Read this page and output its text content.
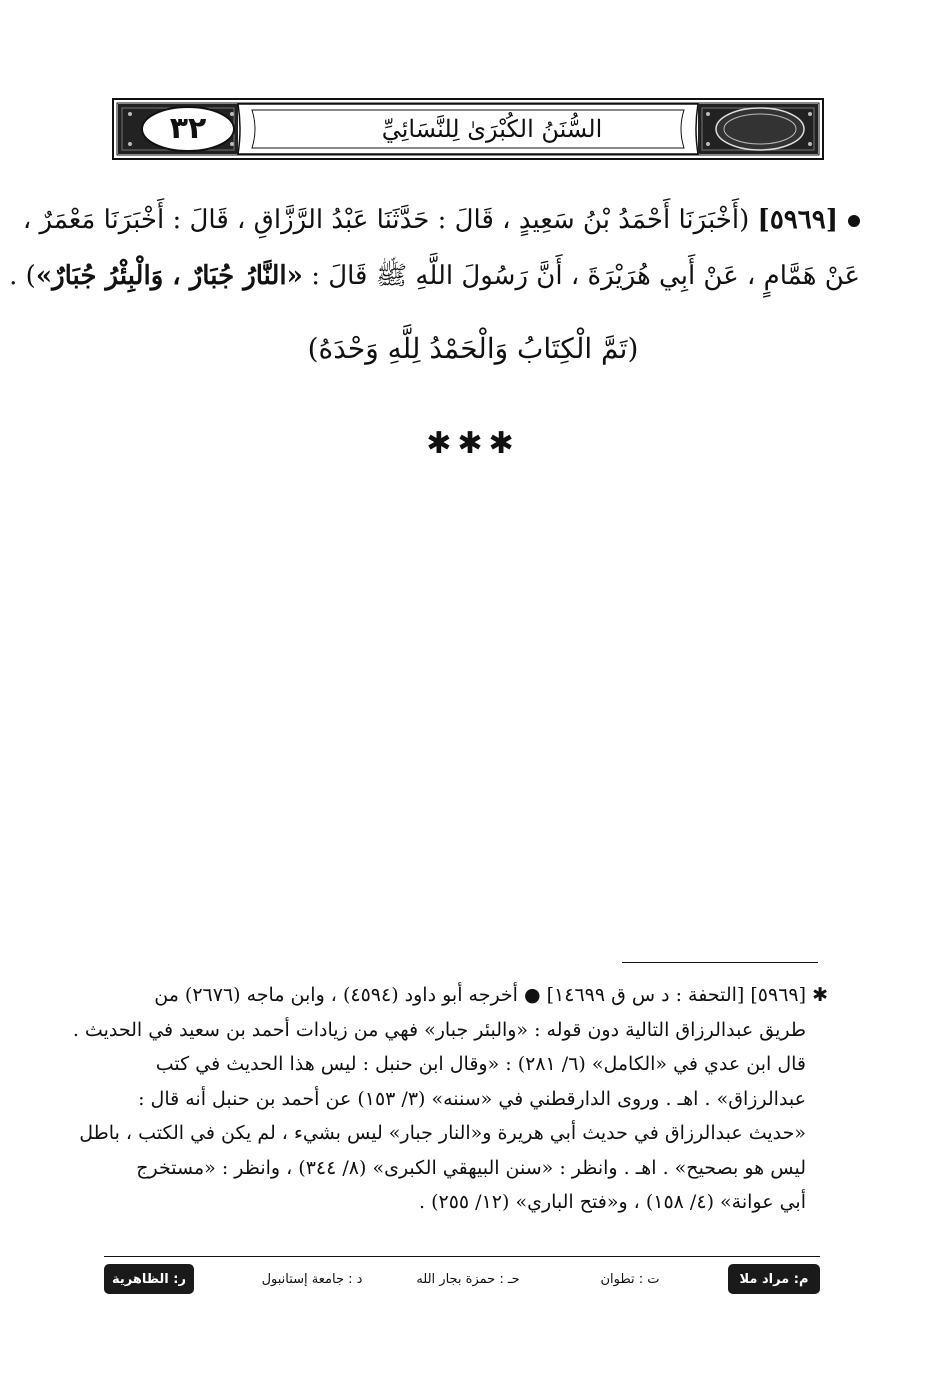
٣٢	السُّنَنُ الكُبْرَىٰ لِلنَّسَائِيِّ
[٥٩٦٩] (أَخْبَرَنَا أَحْمَدُ بْنُ سَعِيدٍ ، قَالَ : حَدَّثَنَا عَبْدُ الرَّزَّاقِ ، قَالَ : أَخْبَرَنَا مَعْمَرٌ ،
عَنْ هَمَّامٍ ، عَنْ أَبِي هُرَيْرَةَ ، أَنَّ رَسُولَ اللَّهِ ﷺ قَالَ : «النَّارُ جُبَارٌ ، وَالْبِئْرُ جُبَارٌ») .
(تَمَّ الْكِتَابُ وَالْحَمْدُ لِلَّهِ وَحْدَهُ)
✱✱✱
✱ [٥٩٦٩] [التحفة : د س ق ١٤٦٩٩] ● أخرجه أبو داود (٤٥٩٤) ، وابن ماجه (٢٦٧٦) من
طريق عبدالرزاق التالية دون قوله : «والبئر جبار» فهي من زيادات أحمد بن سعيد في الحديث .
قال ابن عدي في «الكامل» (٦/ ٢٨١) : «وقال ابن حنبل : ليس هذا الحديث في كتب
عبدالرزاق» . اهـ . وروى الدارقطني في «سننه» (٣/ ١٥٣) عن أحمد بن حنبل أنه قال :
«حديث عبدالرزاق في حديث أبي هريرة و«النار جبار» ليس بشيء ، لم يكن في الكتب ، باطل
ليس هو بصحيح» . اهـ . وانظر : «سنن البيهقي الكبرى» (٨/ ٣٤٤) ، وانظر : «مستخرج
أبي عوانة» (٤/ ١٥٨) ، و«فتح الباري» (١٢/ ٢٥٥) .
م: مراد ملا
ت : تطوان
حـ : حمزة بجار الله
د : جامعة إستانبول
ر: الظاهرية
